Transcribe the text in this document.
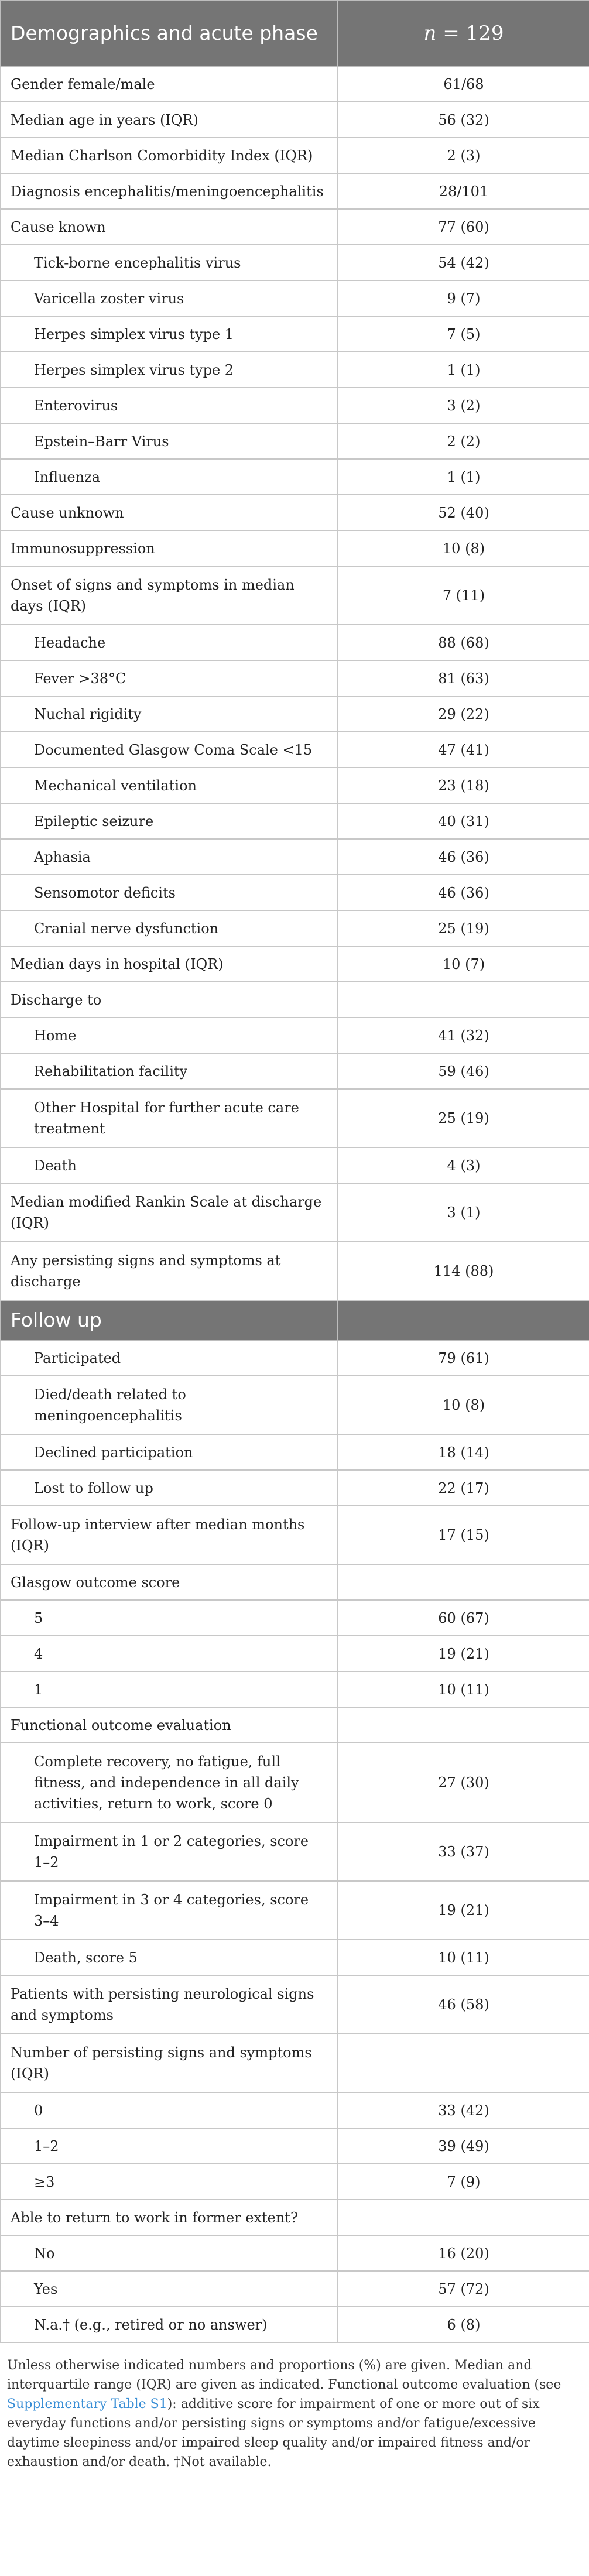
Demographics and acute phase	n = 129
Gender female/male	61/68
Median age in years (IQR)	56 (32)
Median Charlson Comorbidity Index (IQR)	2 (3)
Diagnosis encephalitis/meningoencephalitis	28/101
Cause known	77 (60)
Tick-borne encephalitis virus	54 (42)
Varicella zoster virus	9 (7)
Herpes simplex virus type 1	7 (5)
Herpes simplex virus type 2	1 (1)
Enterovirus	3 (2)
Epstein–Barr Virus	2 (2)
Influenza	1 (1)
Cause unknown	52 (40)
Immunosuppression	10 (8)
Onset of signs and symptoms in median days (IQR)	7 (11)
Headache	88 (68)
Fever >38°C	81 (63)
Nuchal rigidity	29 (22)
Documented Glasgow Coma Scale <15	47 (41)
Mechanical ventilation	23 (18)
Epileptic seizure	40 (31)
Aphasia	46 (36)
Sensomotor deficits	46 (36)
Cranial nerve dysfunction	25 (19)
Median days in hospital (IQR)	10 (7)
Discharge to	
Home	41 (32)
Rehabilitation facility	59 (46)
Other Hospital for further acute care treatment	25 (19)
Death	4 (3)
Median modified Rankin Scale at discharge (IQR)	3 (1)
Any persisting signs and symptoms at discharge	114 (88)
Follow up	
Participated	79 (61)
Died/death related to meningoencephalitis	10 (8)
Declined participation	18 (14)
Lost to follow up	22 (17)
Follow-up interview after median months (IQR)	17 (15)
Glasgow outcome score	
5	60 (67)
4	19 (21)
1	10 (11)
Functional outcome evaluation	
Complete recovery, no fatigue, full fitness, and independence in all daily activities, return to work, score 0	27 (30)
Impairment in 1 or 2 categories, score 1–2	33 (37)
Impairment in 3 or 4 categories, score 3–4	19 (21)
Death, score 5	10 (11)
Patients with persisting neurological signs and symptoms	46 (58)
Number of persisting signs and symptoms (IQR)	
0	33 (42)
1–2	39 (49)
≥3	7 (9)
Able to return to work in former extent?	
No	16 (20)
Yes	57 (72)
N.a.† (e.g., retired or no answer)	6 (8)
Unless otherwise indicated numbers and proportions (%) are given. Median and interquartile range (IQR) are given as indicated. Functional outcome evaluation (see Supplementary Table S1): additive score for impairment of one or more out of six everyday functions and/or persisting signs or symptoms and/or fatigue/excessive daytime sleepiness and/or impaired sleep quality and/or impaired fitness and/or exhaustion and/or death. †Not available.
